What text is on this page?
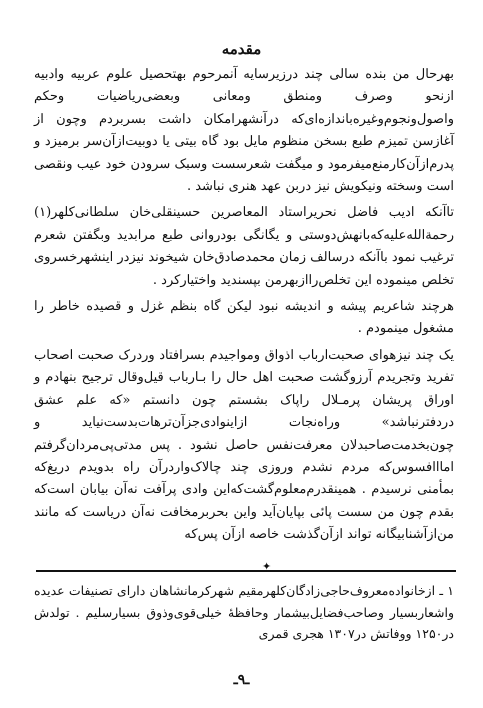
مقدمه

بهرحال من بنده سالی چند درزیرسایه آنمرحوم بهتحصیل علوم عربیه وادبیه ازنحو وصرف ومنطق ومعانی وبعضی‌ریاضیات وحکم واصول‌ونجوم‌وغیره‌باندازه‌ای‌که درآنشهرامکان داشت بسربردم وچون از آغازسن تمیزم طبع بسخن منظوم مایل بود گاه بیتی یا دوبیت‌ازآن‌سر برمیزد و پدرم‌ازآن‌کارمنع‌میفرمود و میگفت شعرسست وسبک سرودن خود عیب ونقصی است وسخته ونیکویش نیز دربن عهد هنری نباشد .

تاآنکه ادیب فاضل نحریراستاد المعاصرین حسینقلی‌خان سلطانی‌کلهر(۱) رحمة‌الله‌علیه‌که‌بانهش‌دوستی و یگانگی بودروانی طبع مرابدید وبگفتن شعرم ترغیب نمود باآنکه درسالف زمان محمدصادق‌خان شیخوند نیزدر اینشهرخسروی تخلص مینموده این تخلص‌راازبهرمن بپسندید واختیارکرد .

هرچند شاعریم پیشه و اندیشه نبود لیکن گاه بنظم غزل و قصیده خاطر را مشغول مینمودم .

یک چند نیزهوای صحبت‌ارباب اذواق ومواجیدم بسرافتاد وردرک صحبت اصحاب تفرید وتجریدم آرزوگشت صحبت اهل حال را بـارباب قیل‌وقال ترجیح بنهادم و اوراق پریشان پرمـلال راپاک بشستم چون دانستم «که علم عشق دردفترنباشد» وراه‌نجات ازاینوادی‌جزآن‌ترهات‌بدست‌نیاید و چون‌بخدمت‌صاحبدلان معرفت‌نفس حاصل نشود . پس مدتی‌پی‌مردان‌گرفتم امااافسوس‌که مردم نشدم وروزی چند چالاک‌وارد‌رآن راه بدویدم دریغ‌که بمأمنی نرسیدم . همینقدرم‌معلوم‌گشت‌که‌این وادی پرآفت نه‌آن بیابان است‌که بقدم چون من سست پائی بپایان‌آید واین بحربرمخافت نه‌آن دریاست که مانند من‌ازآشنابیگانه تواند ازآن‌گذشت خاصه ازآن پس‌که

✦
۱ ـ ازخانواده‌معروف‌حاجی‌زادگان‌کلهرمقیم شهرکرمانشاهان دارای تصنیفات عدیده واشعاربسیار وصاحب‌فضایل‌بیشمار وحافظهٔ خیلی‌قوی‌وذوق بسیارسلیم . تولدش در۱۲۵۰ ووفاتش در۱۳۰۷ هجری قمری
ـ۹ـ
